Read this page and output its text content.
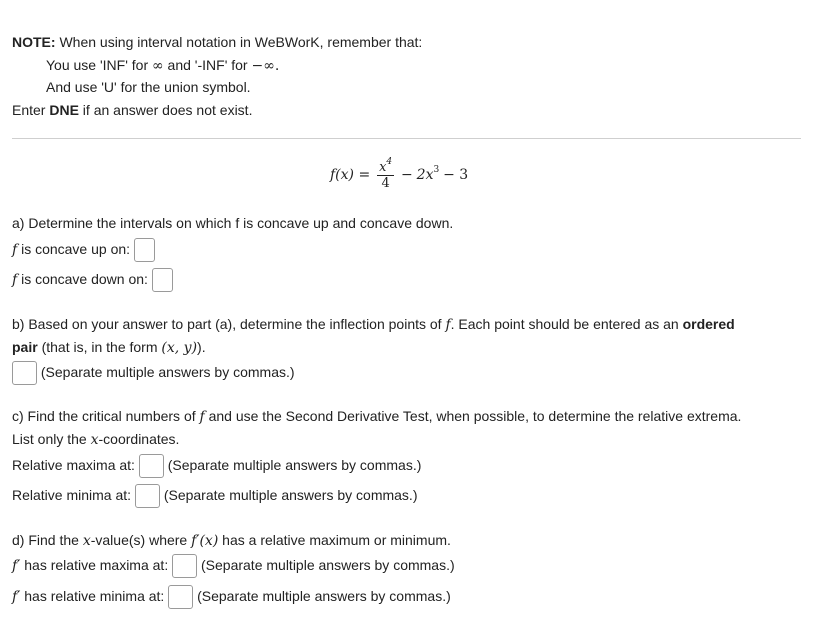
NOTE: When using interval notation in WeBWorK, remember that:
You use 'INF' for ∞ and '-INF' for −∞.
And use 'U' for the union symbol.
Enter DNE if an answer does not exist.
$f(x) = \frac{x^4}{4} - 2x^3 - 3$
a) Determine the intervals on which f is concave up and concave down.
f is concave up on:
f is concave down on:
b) Based on your answer to part (a), determine the inflection points of f. Each point should be entered as an ordered
pair (that is, in the form (x, y)).
(Separate multiple answers by commas.)
c) Find the critical numbers of f and use the Second Derivative Test, when possible, to determine the relative extrema.
List only the x-coordinates.
Relative maxima at: (Separate multiple answers by commas.)
Relative minima at: (Separate multiple answers by commas.)
d) Find the x-value(s) where f′(x) has a relative maximum or minimum.
f′ has relative maxima at: (Separate multiple answers by commas.)
f′ has relative minima at: (Separate multiple answers by commas.)
